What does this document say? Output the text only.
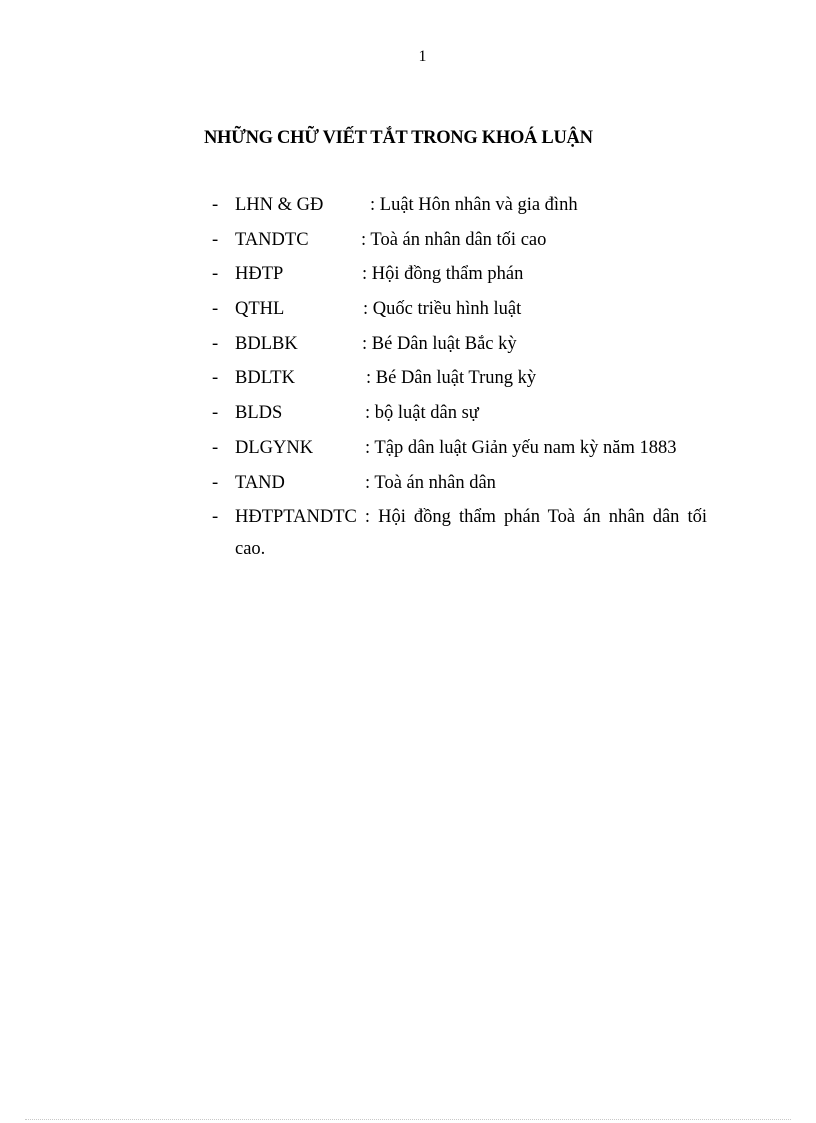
1
NHỮNG CHỮ VIẾT TẮT TRONG KHOÁ LUẬN
- LHN & GĐ	: Luật Hôn nhân và gia đình
- TANDTC	: Toà án nhân dân tối cao
- HĐTP	: Hội đồng thẩm phán
- QTHL	: Quốc triều hình luật
- BDLBK	: Bé Dân luật Bắc kỳ
- BDLTK	: Bé Dân luật Trung kỳ
- BLDS	: bộ luật dân sự
- DLGYNK	: Tập dân luật Giản yếu nam kỳ năm 1883
- TAND	: Toà án nhân dân
- HĐTPTANDTC : Hội đồng thẩm phán Toà án nhân dân tối cao.
